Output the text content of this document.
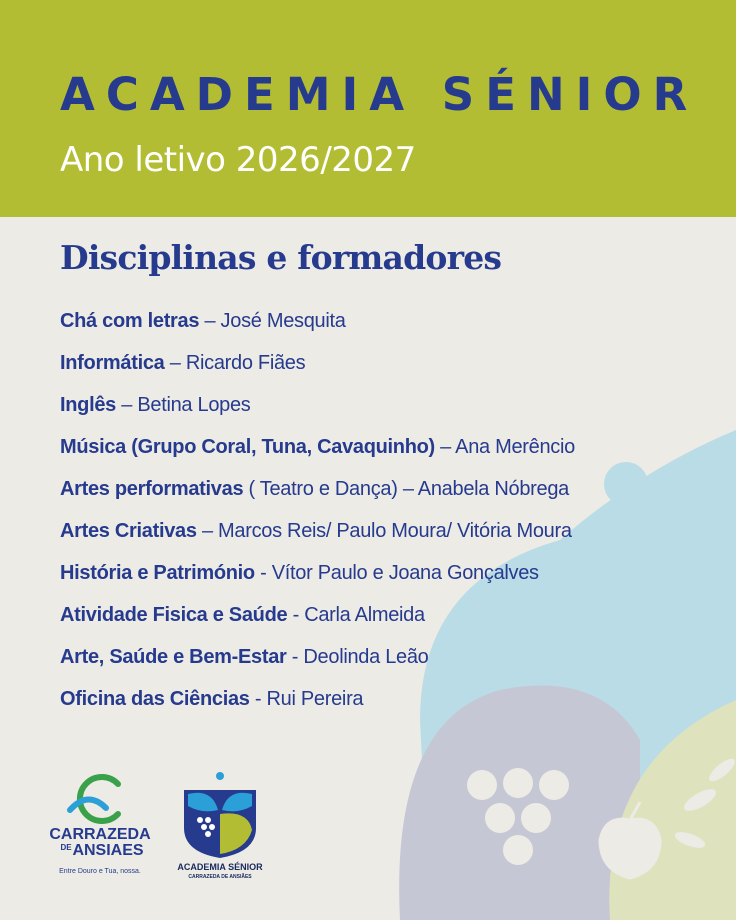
ACADEMIA SÉNIOR
Ano letivo 2026/2027
Disciplinas e formadores
Chá com letras – José Mesquita
Informática – Ricardo Fiães
Inglês – Betina Lopes
Música (Grupo Coral, Tuna, Cavaquinho) – Ana Merêncio
Artes performativas ( Teatro e Dança) – Anabela Nóbrega
Artes Criativas – Marcos Reis/ Paulo Moura/ Vitória Moura
História e Património - Vítor Paulo e Joana Gonçalves
Atividade Fisica e Saúde - Carla Almeida
Arte, Saúde e Bem-Estar - Deolinda Leão
Oficina das Ciências - Rui Pereira
CARRAZEDA
DE ANSIAES
Entre Douro e Tua, nossa.	ACADEMIA SÉNIOR
CARRAZEDA DE ANSIÃES
